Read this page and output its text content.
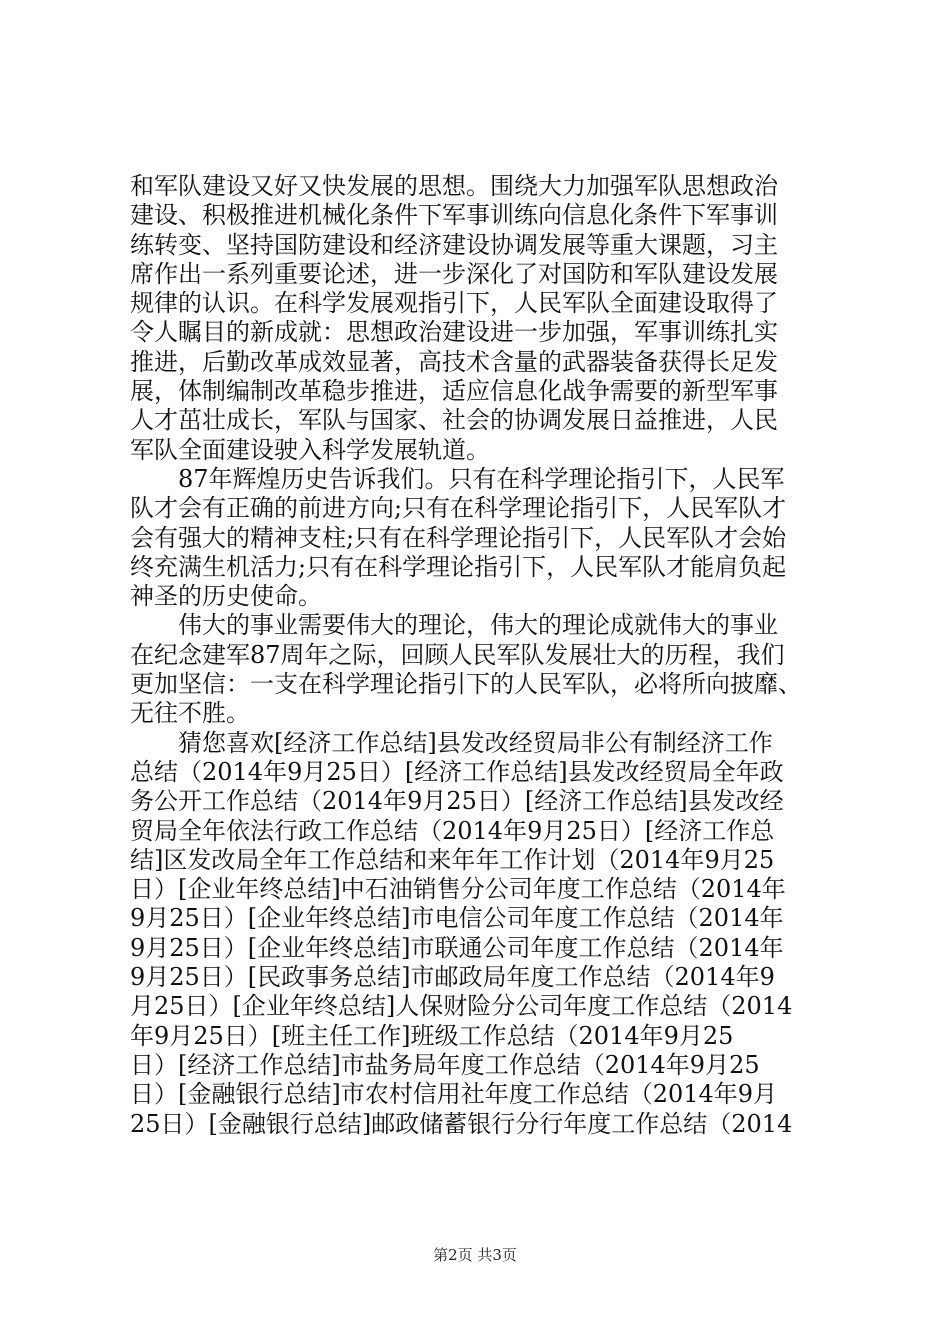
和军队建设又好又快发展的思想。围绕大力加强军队思想政治
建设、积极推进机械化条件下军事训练向信息化条件下军事训
练转变、坚持国防建设和经济建设协调发展等重大课题，习主
席作出一系列重要论述，进一步深化了对国防和军队建设发展
规律的认识。在科学发展观指引下，人民军队全面建设取得了
令人瞩目的新成就：思想政治建设进一步加强，军事训练扎实
推进，后勤改革成效显著，高技术含量的武器装备获得长足发
展，体制编制改革稳步推进，适应信息化战争需要的新型军事
人才茁壮成长，军队与国家、社会的协调发展日益推进，人民
军队全面建设驶入科学发展轨道。
　　87年辉煌历史告诉我们。只有在科学理论指引下，人民军
队才会有正确的前进方向;只有在科学理论指引下，人民军队才
会有强大的精神支柱;只有在科学理论指引下，人民军队才会始
终充满生机活力;只有在科学理论指引下，人民军队才能肩负起
神圣的历史使命。
　　伟大的事业需要伟大的理论，伟大的理论成就伟大的事业
在纪念建军87周年之际，回顾人民军队发展壮大的历程，我们
更加坚信：一支在科学理论指引下的人民军队，必将所向披靡、
无往不胜。
　　猜您喜欢[经济工作总结]县发改经贸局非公有制经济工作
总结（2014年9月25日）[经济工作总结]县发改经贸局全年政
务公开工作总结（2014年9月25日）[经济工作总结]县发改经
贸局全年依法行政工作总结（2014年9月25日）[经济工作总
结]区发改局全年工作总结和来年年工作计划（2014年9月25
日）[企业年终总结]中石油销售分公司年度工作总结（2014年
9月25日）[企业年终总结]市电信公司年度工作总结（2014年
9月25日）[企业年终总结]市联通公司年度工作总结（2014年
9月25日）[民政事务总结]市邮政局年度工作总结（2014年9
月25日）[企业年终总结]人保财险分公司年度工作总结（2014
年9月25日）[班主任工作]班级工作总结（2014年9月25
日）[经济工作总结]市盐务局年度工作总结（2014年9月25
日）[金融银行总结]市农村信用社年度工作总结（2014年9月
25日）[金融银行总结]邮政储蓄银行分行年度工作总结（2014
第2页 共3页
